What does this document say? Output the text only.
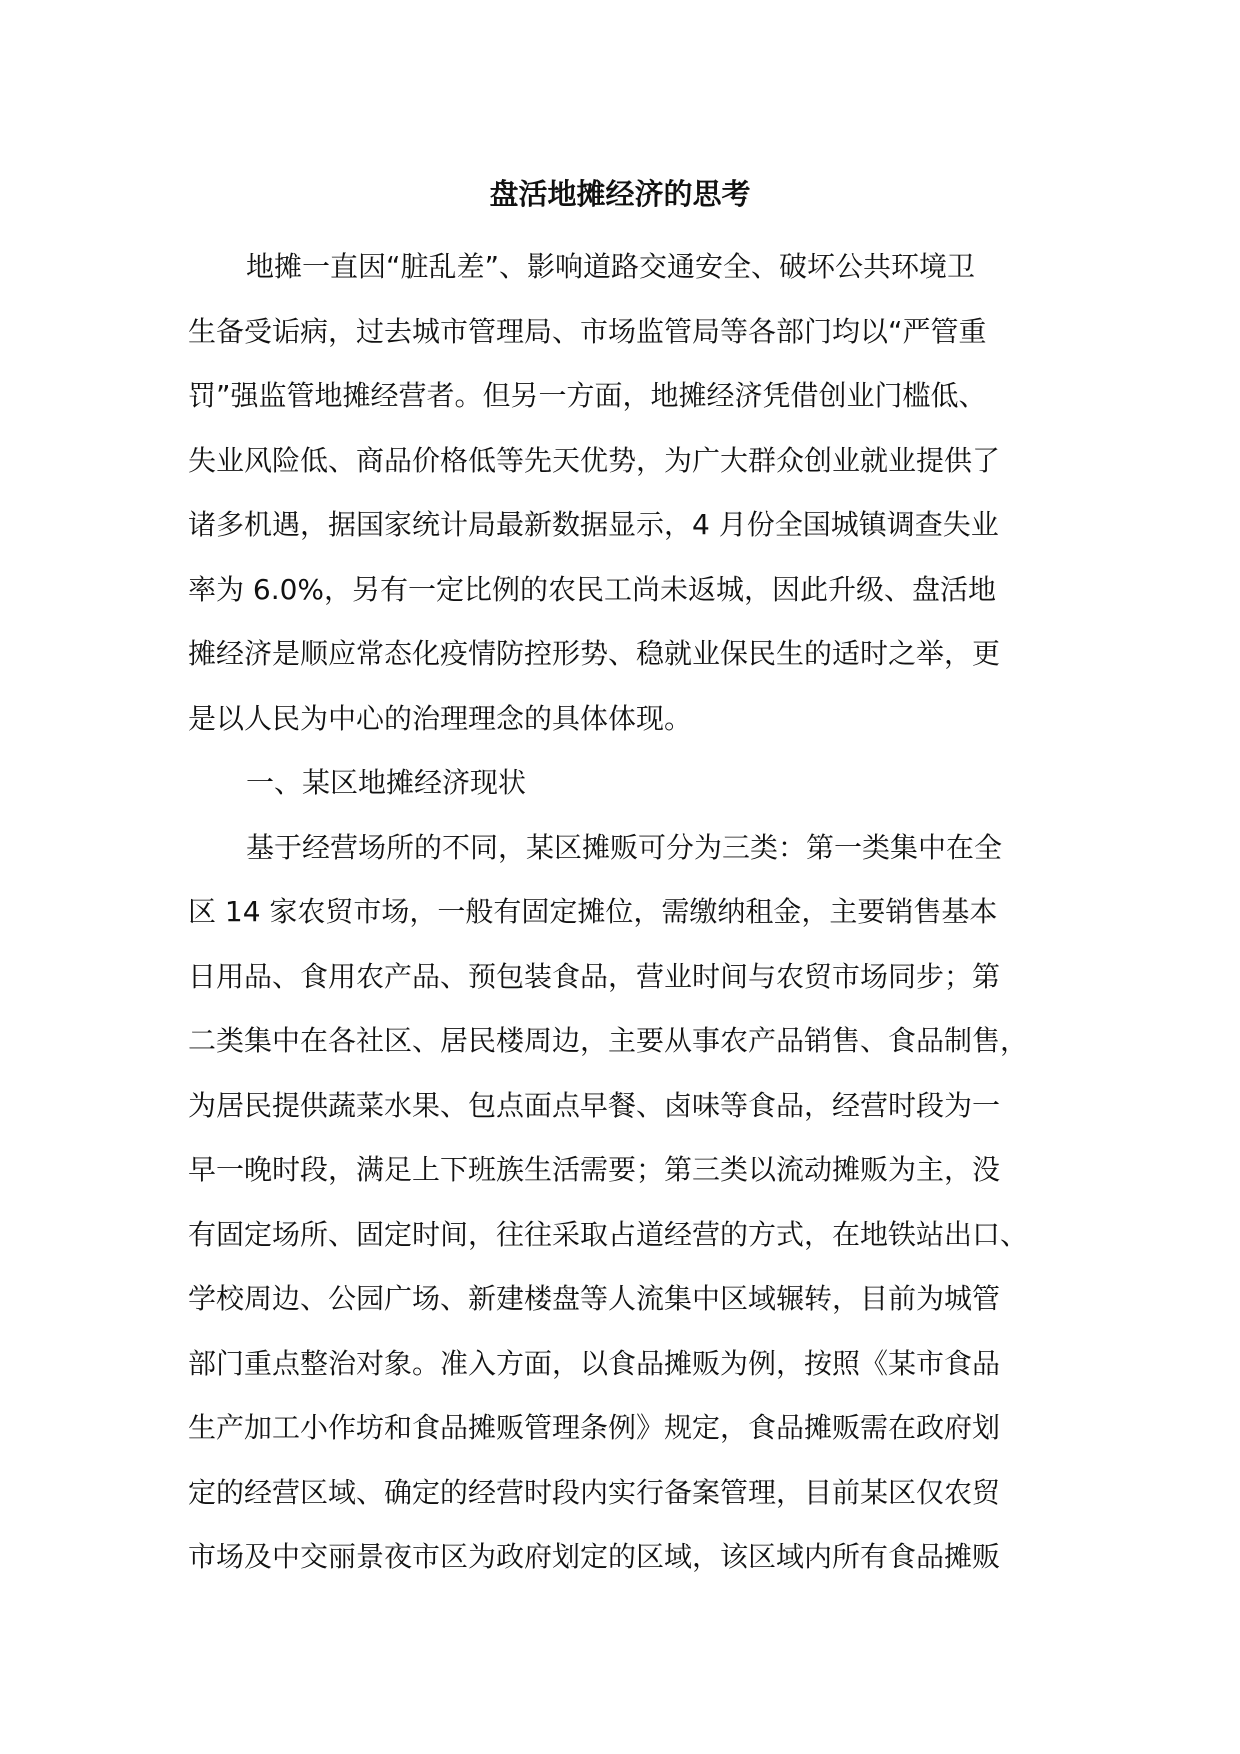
盘活地摊经济的思考
地摊一直因“脏乱差”、影响道路交通安全、破坏公共环境卫
生备受诟病，过去城市管理局、市场监管局等各部门均以“严管重
罚”强监管地摊经营者。但另一方面，地摊经济凭借创业门槛低、
失业风险低、商品价格低等先天优势，为广大群众创业就业提供了
诸多机遇，据国家统计局最新数据显示，4 月份全国城镇调查失业
率为 6.0%，另有一定比例的农民工尚未返城，因此升级、盘活地
摊经济是顺应常态化疫情防控形势、稳就业保民生的适时之举，更
是以人民为中心的治理理念的具体体现。
一、某区地摊经济现状
基于经营场所的不同，某区摊贩可分为三类：第一类集中在全
区 14 家农贸市场，一般有固定摊位，需缴纳租金，主要销售基本
日用品、食用农产品、预包装食品，营业时间与农贸市场同步；第
二类集中在各社区、居民楼周边，主要从事农产品销售、食品制售，
为居民提供蔬菜水果、包点面点早餐、卤味等食品，经营时段为一
早一晚时段，满足上下班族生活需要；第三类以流动摊贩为主，没
有固定场所、固定时间，往往采取占道经营的方式，在地铁站出口、
学校周边、公园广场、新建楼盘等人流集中区域辗转，目前为城管
部门重点整治对象。准入方面，以食品摊贩为例，按照《某市食品
生产加工小作坊和食品摊贩管理条例》规定，食品摊贩需在政府划
定的经营区域、确定的经营时段内实行备案管理，目前某区仅农贸
市场及中交丽景夜市区为政府划定的区域，该区域内所有食品摊贩
